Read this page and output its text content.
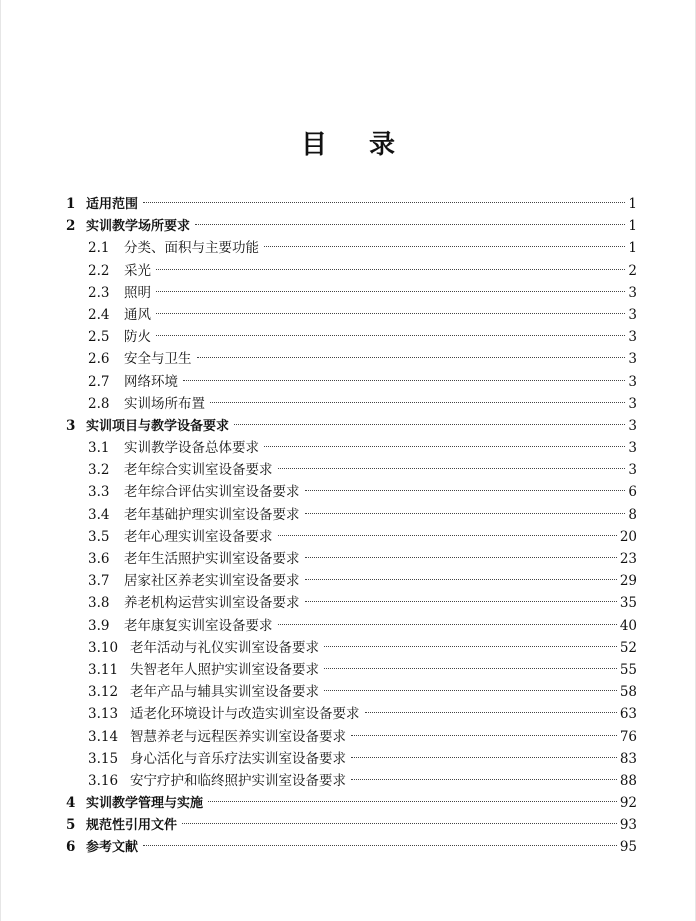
目 录
1 适用范围	1
2 实训教学场所要求	1
2.1	分类、面积与主要功能	1
2.2	采光	2
2.3	照明	3
2.4	通风	3
2.5	防火	3
2.6	安全与卫生	3
2.7	网络环境	3
2.8	实训场所布置	3
3 实训项目与教学设备要求	3
3.1	实训教学设备总体要求	3
3.2	老年综合实训室设备要求	3
3.3	老年综合评估实训室设备要求	6
3.4	老年基础护理实训室设备要求	8
3.5	老年心理实训室设备要求	20
3.6	老年生活照护实训室设备要求	23
3.7	居家社区养老实训室设备要求	29
3.8	养老机构运营实训室设备要求	35
3.9	老年康复实训室设备要求	40
3.10 老年活动与礼仪实训室设备要求	52
3.11 失智老年人照护实训室设备要求	55
3.12 老年产品与辅具实训室设备要求	58
3.13 适老化环境设计与改造实训室设备要求	63
3.14 智慧养老与远程医养实训室设备要求	76
3.15 身心活化与音乐疗法实训室设备要求	83
3.16 安宁疗护和临终照护实训室设备要求	88
4 实训教学管理与实施	92
5 规范性引用文件	93
6 参考文献	95
